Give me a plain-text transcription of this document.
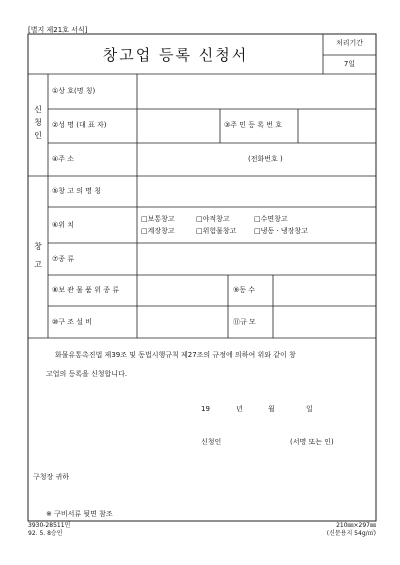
[별지 제21호 서식]
창고업 등록 신청서
처리기간
7일
신
청
인
①상 호(명 칭)
②성 명 (대 표 자)	③주 민 등 록 번 호
④주 소	(전화번호 )
창

고
⑤창 고 의 명 칭
⑥위 치
□보통창고	□야적창고	□수면창고
□계장창고	□위험물창고	□냉동 · 냉장창고
⑦종 류
⑧보 관 물 품 위 종 류	⑨동 수
⑩구 조 설 비	⑪규 모
화물유통촉진법 제39조 및 동법시행규칙 제27조의 규정에 의하여 위와 같이 창
고업의 등록을 신청합니다.
19	년	월	일
신청인	(서명 또는 인)
구청장 귀하
※ 구비서류 뒷면 참조
3930-28511민
92. 5. 8승인
210㎜×297㎜
(신문용지 54g/㎡)
